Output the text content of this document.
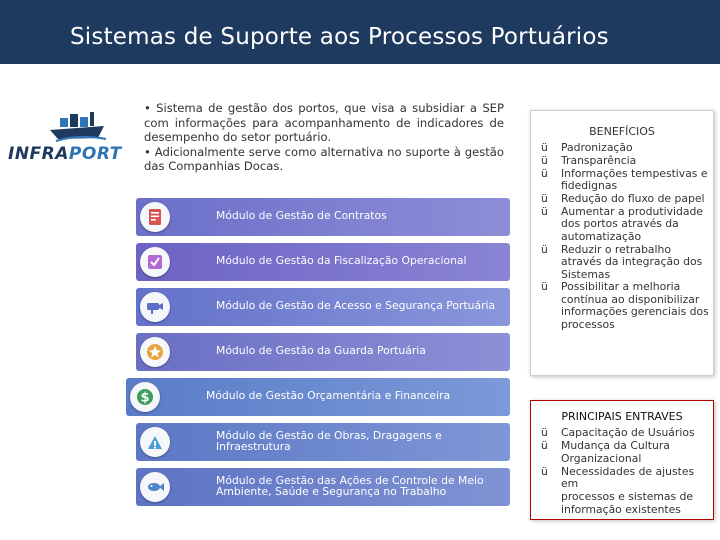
Sistemas de Suporte aos Processos Portuários
INFRAPORT

• Sistema de gestão dos portos, que visa a subsidiar a SEP com informações para acompanhamento de indicadores de desempenho do setor portuário.

• Adicionalmente serve como alternativa no suporte à gestão das Companhias Docas.

Módulo de Gestão de Contratos
Módulo de Gestão da Fiscalização Operacional
Módulo de Gestão de Acesso e Segurança Portuária
Módulo de Gestão da Guarda Portuária
$	Módulo de Gestão Orçamentária e Financeira
Módulo de Gestão de Obras, Dragagens e
Infraestrutura
Módulo de Gestão das Ações de Controle de Meio
Ambiente, Saúde e Segurança no Trabalho
BENEFÍCIOS
ü Padronização
ü Transparência
ü Informações tempestivas e
fidedignas
ü Redução do fluxo de papel
ü Aumentar a produtividade
dos portos através da
automatização
ü Reduzir o retrabalho
através da integração dos
Sistemas
ü Possibilitar a melhoria
contínua ao disponibilizar
informações gerenciais dos
processos
PRINCIPAIS ENTRAVES
ü Capacitação de Usuários
ü Mudança da Cultura
Organizacional
ü Necessidades de ajustes em
processos e sistemas de
informação existentes
